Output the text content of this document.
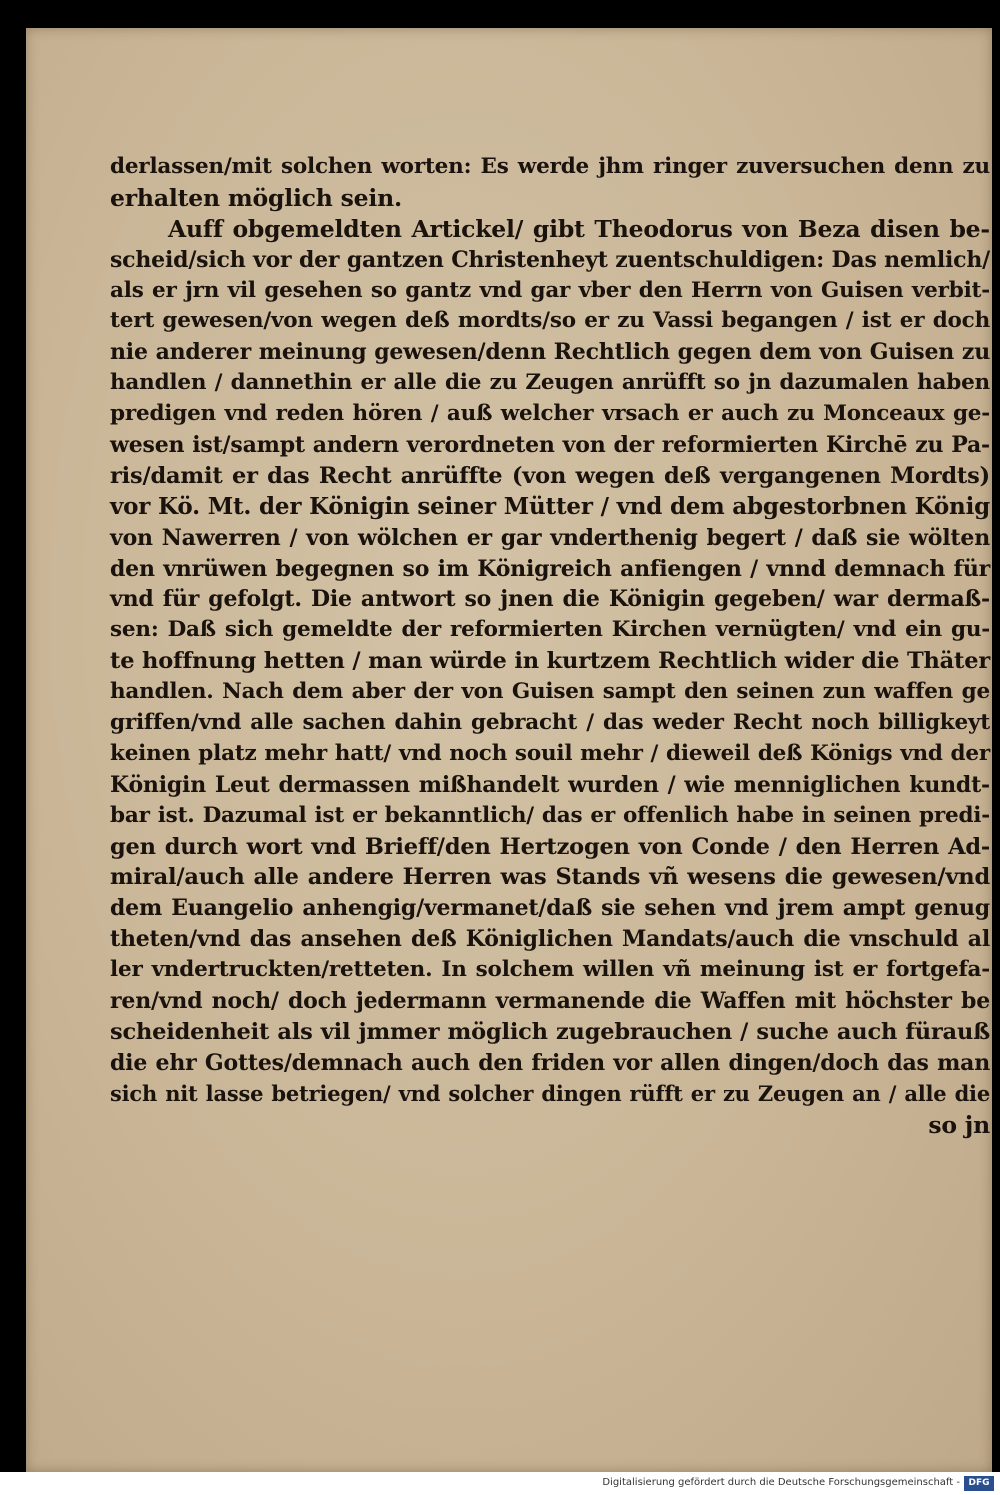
derlassen/mit solchen worten: Es werde jhm ringer zuversuchen denn zu
erhalten möglich sein.
Auff obgemeldten Artickel/ gibt Theodorus von Beza disen be-
scheid/sich vor der gantzen Christenheyt zuentschuldigen: Das nemlich/
als er jrn vil gesehen so gantz vnd gar vber den Herrn von Guisen verbit-
tert gewesen/von wegen deß mordts/so er zu Vassi begangen / ist er doch
nie anderer meinung gewesen/denn Rechtlich gegen dem von Guisen zu
handlen / dannethin er alle die zu Zeugen anrüfft so jn dazumalen haben
predigen vnd reden hören / auß welcher vrsach er auch zu Monceaux ge-
wesen ist/sampt andern verordneten von der reformierten Kirchē zu Pa-
ris/damit er das Recht anrüffte (von wegen deß vergangenen Mordts)
vor Kö. Mt. der Königin seiner Mütter / vnd dem abgestorbnen König
von Nawerren / von wölchen er gar vnderthenig begert / daß sie wölten
den vnrüwen begegnen so im Königreich anfiengen / vnnd demnach für
vnd für gefolgt. Die antwort so jnen die Königin gegeben/ war dermaß-
sen: Daß sich gemeldte der reformierten Kirchen vernügten/ vnd ein gu-
te hoffnung hetten / man würde in kurtzem Rechtlich wider die Thäter
handlen. Nach dem aber der von Guisen sampt den seinen zun waffen ge
griffen/vnd alle sachen dahin gebracht / das weder Recht noch billigkeyt
keinen platz mehr hatt/ vnd noch souil mehr / dieweil deß Königs vnd der
Königin Leut dermassen mißhandelt wurden / wie menniglichen kundt-
bar ist. Dazumal ist er bekanntlich/ das er offenlich habe in seinen predi-
gen durch wort vnd Brieff/den Hertzogen von Conde / den Herren Ad-
miral/auch alle andere Herren was Stands vñ wesens die gewesen/vnd
dem Euangelio anhengig/vermanet/daß sie sehen vnd jrem ampt genug
theten/vnd das ansehen deß Königlichen Mandats/auch die vnschuld al
ler vndertruckten/retteten. In solchem willen vñ meinung ist er fortgefa-
ren/vnd noch/ doch jedermann vermanende die Waffen mit höchster be
scheidenheit als vil jmmer möglich zugebrauchen / suche auch fürauß
die ehr Gottes/demnach auch den friden vor allen dingen/doch das man
sich nit lasse betriegen/ vnd solcher dingen rüfft er zu Zeugen an / alle die
so jn
Digitalisierung gefördert durch die Deutsche Forschungsgemeinschaft - DFG
